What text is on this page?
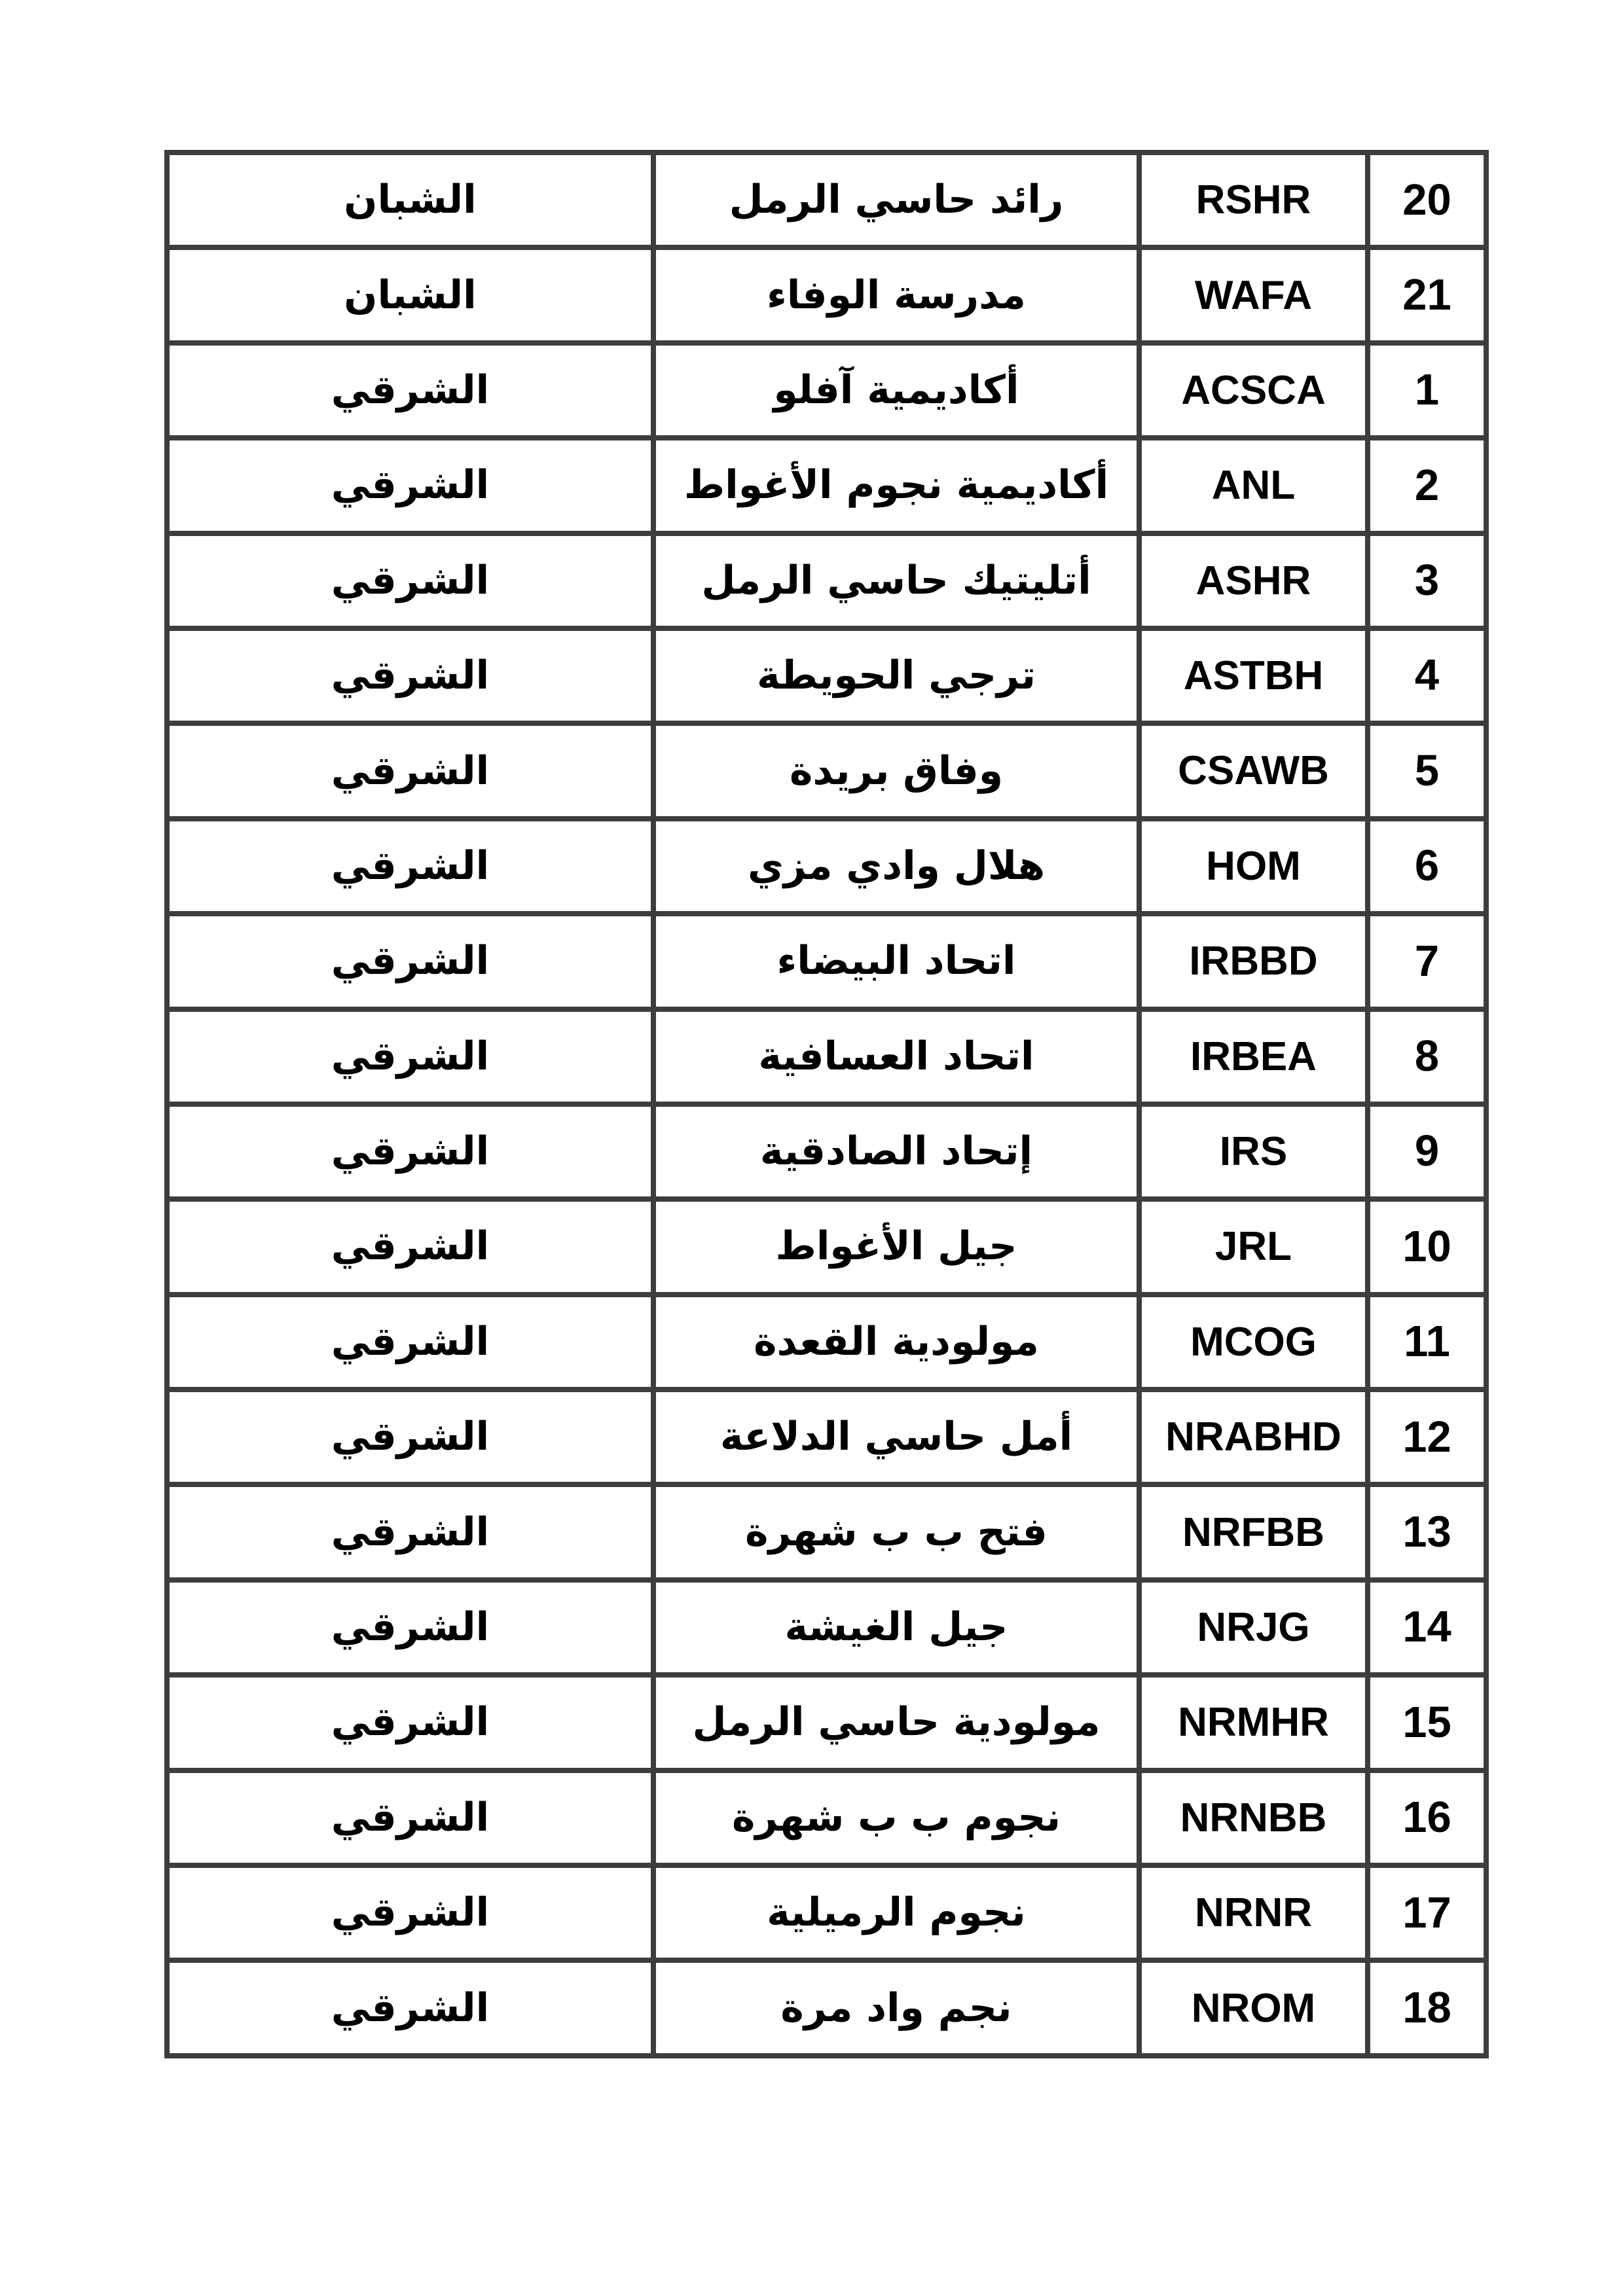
20	RSHR	رائد حاسي الرمل	الشبان
21	WAFA	مدرسة الوفاء	الشبان
1	ACSCA	أكاديمية آفلو	الشرقي
2	ANL	أكاديمية نجوم الأغواط	الشرقي
3	ASHR	أتليتيك حاسي الرمل	الشرقي
4	ASTBH	ترجي الحويطة	الشرقي
5	CSAWB	وفاق بريدة	الشرقي
6	HOM	هلال وادي مزي	الشرقي
7	IRBBD	اتحاد البيضاء	الشرقي
8	IRBEA	اتحاد العسافية	الشرقي
9	IRS	إتحاد الصادقية	الشرقي
10	JRL	جيل الأغواط	الشرقي
11	MCOG	مولودية القعدة	الشرقي
12	NRABHD	أمل حاسي الدلاعة	الشرقي
13	NRFBB	فتح ب ب شهرة	الشرقي
14	NRJG	جيل الغيشة	الشرقي
15	NRMHR	مولودية حاسي الرمل	الشرقي
16	NRNBB	نجوم ب ب شهرة	الشرقي
17	NRNR	نجوم الرميلية	الشرقي
18	NROM	نجم واد مرة	الشرقي
